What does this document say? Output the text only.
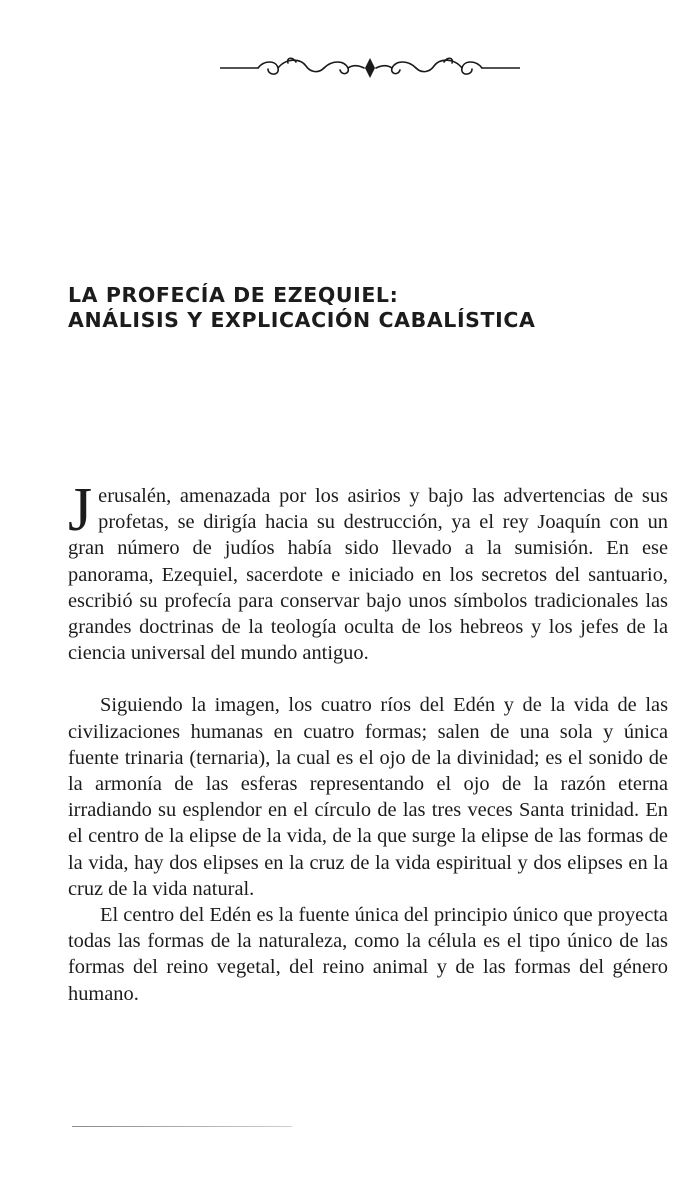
LA PROFECÍA DE EZEQUIEL:
ANÁLISIS Y EXPLICACIÓN CABALÍSTICA

Jerusalén, amenazada por los asirios y bajo las advertencias de sus profetas, se dirigía hacia su destrucción, ya el rey Joaquín con un gran número de judíos había sido llevado a la sumisión. En ese panorama, Ezequiel, sacerdote e iniciado en los secretos del santuario, escribió su profecía para conservar bajo unos símbolos tradicionales las grandes doctrinas de la teología oculta de los hebreos y los jefes de la ciencia universal del mundo antiguo.

Siguiendo la imagen, los cuatro ríos del Edén y de la vida de las civilizaciones humanas en cuatro formas; salen de una sola y única fuente trinaria (ternaria), la cual es el ojo de la divinidad; es el sonido de la armonía de las esferas representando el ojo de la razón eterna irradiando su esplendor en el círculo de las tres veces Santa trinidad. En el centro de la elipse de la vida, de la que surge la elipse de las formas de la vida, hay dos elipses en la cruz de la vida espiritual y dos elipses en la cruz de la vida natural.

El centro del Edén es la fuente única del principio único que proyecta todas las formas de la naturaleza, como la célula es el tipo único de las formas del reino vegetal, del reino animal y de las formas del género humano.
